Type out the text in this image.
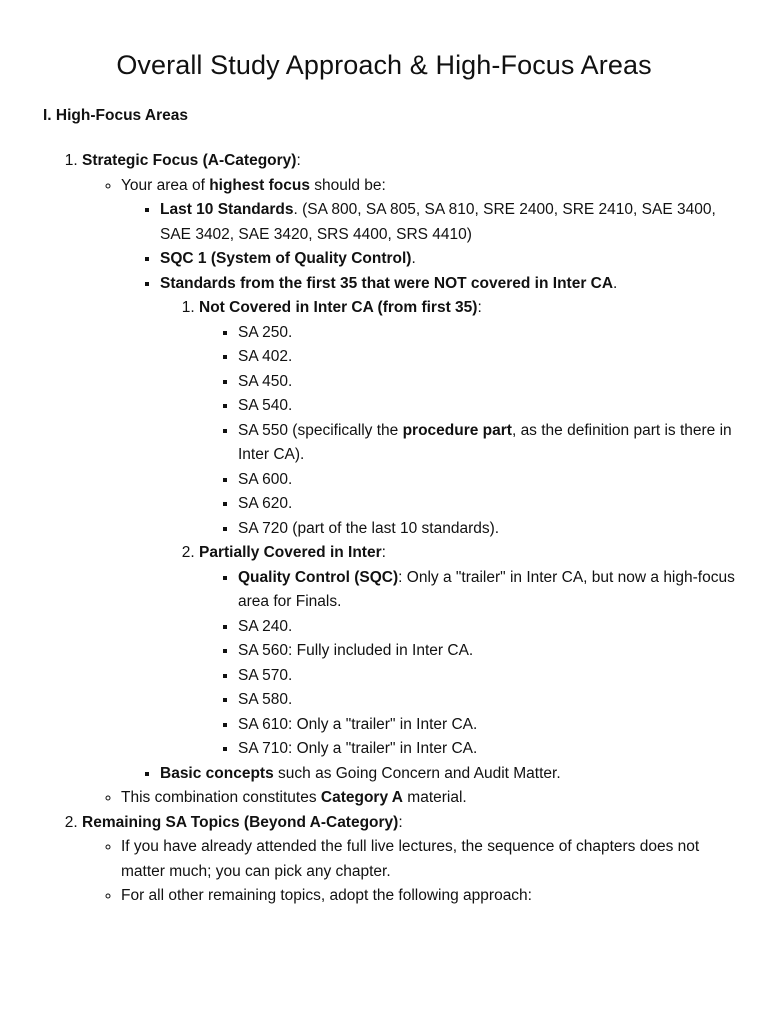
Overall Study Approach & High-Focus Areas

I. High-Focus Areas

1. Strategic Focus (A-Category):
◦ Your area of highest focus should be:
▪ Last 10 Standards. (SA 800, SA 805, SA 810, SRE 2400, SRE 2410, SAE 3400, SAE 3402, SAE 3420, SRS 4400, SRS 4410)
▪ SQC 1 (System of Quality Control).
▪ Standards from the first 35 that were NOT covered in Inter CA.
1. Not Covered in Inter CA (from first 35):
▪ SA 250.
▪ SA 402.
▪ SA 450.
▪ SA 540.
▪ SA 550 (specifically the procedure part, as the definition part is there in Inter CA).
▪ SA 600.
▪ SA 620.
▪ SA 720 (part of the last 10 standards).
2. Partially Covered in Inter:
▪ Quality Control (SQC): Only a "trailer" in Inter CA, but now a high-focus area for Finals.
▪ SA 240.
▪ SA 560: Fully included in Inter CA.
▪ SA 570.
▪ SA 580.
▪ SA 610: Only a "trailer" in Inter CA.
▪ SA 710: Only a "trailer" in Inter CA.
▪ Basic concepts such as Going Concern and Audit Matter.
◦ This combination constitutes Category A material.
2. Remaining SA Topics (Beyond A-Category):
◦ If you have already attended the full live lectures, the sequence of chapters does not matter much; you can pick any chapter.
◦ For all other remaining topics, adopt the following approach:
